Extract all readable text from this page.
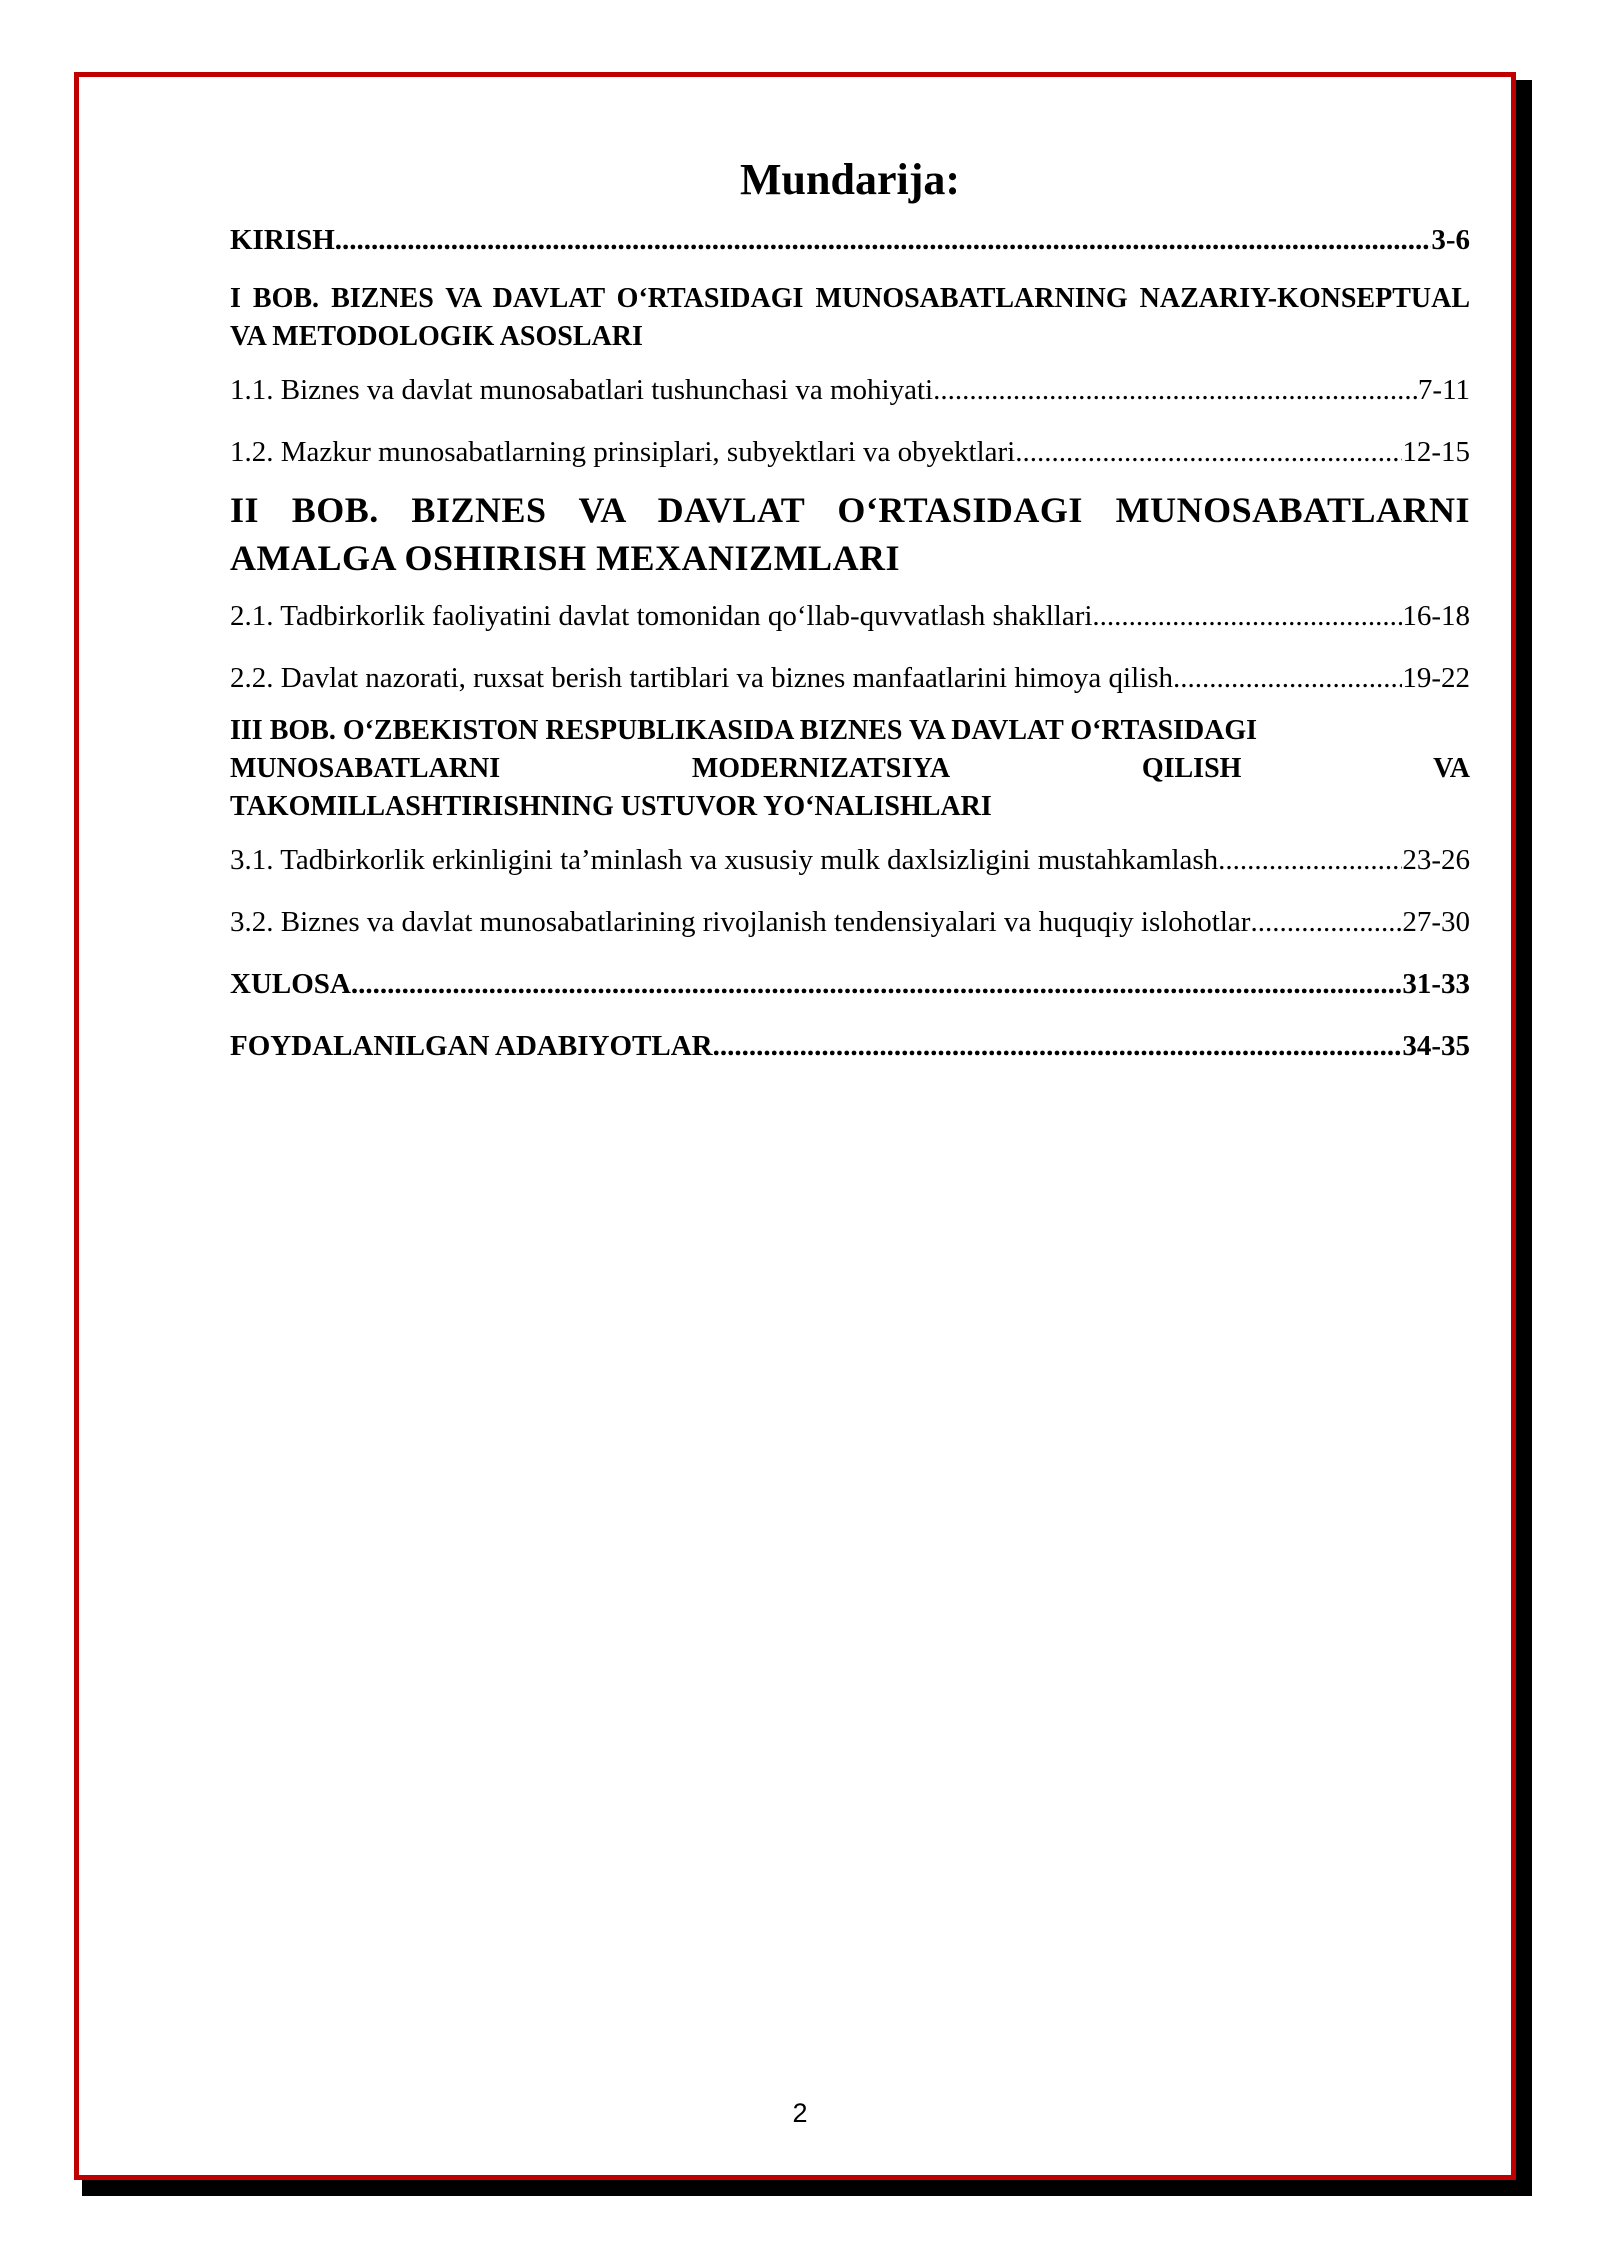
Mundarija:
KIRISH .....	3-6
I BOB. BIZNES VA DAVLAT O‘RTASIDAGI MUNOSABATLARNING NAZARIY-KONSEPTUAL VA METODOLOGIK ASOSLARI
1.1. Biznes va davlat munosabatlari tushunchasi va mohiyati .....	7-11
1.2. Mazkur munosabatlarning prinsiplari, subyektlari va obyektlari .....	12-15
II BOB. BIZNES VA DAVLAT O‘RTASIDAGI MUNOSABATLARNI AMALGA OSHIRISH MEXANIZMLARI
2.1. Tadbirkorlik faoliyatini davlat tomonidan qo‘llab-quvvatlash shakllari .....	16-18
2.2. Davlat nazorati, ruxsat berish tartiblari va biznes manfaatlarini himoya qilish .....	19-22
III BOB. O‘ZBEKISTON RESPUBLIKASIDA BIZNES VA DAVLAT O‘RTASIDAGI
MUNOSABATLARNI	MODERNIZATSIYA	QILISH	VA
TAKOMILLASHTIRISHNING USTUVOR YO‘NALISHLARI
3.1. Tadbirkorlik erkinligini ta’minlash va xususiy mulk daxlsizligini mustahkamlash .....	23-26
3.2. Biznes va davlat munosabatlarining rivojlanish tendensiyalari va huquqiy islohotlar .....	27-30
XULOSA .....	31-33
FOYDALANILGAN ADABIYOTLAR .....	34-35
2
